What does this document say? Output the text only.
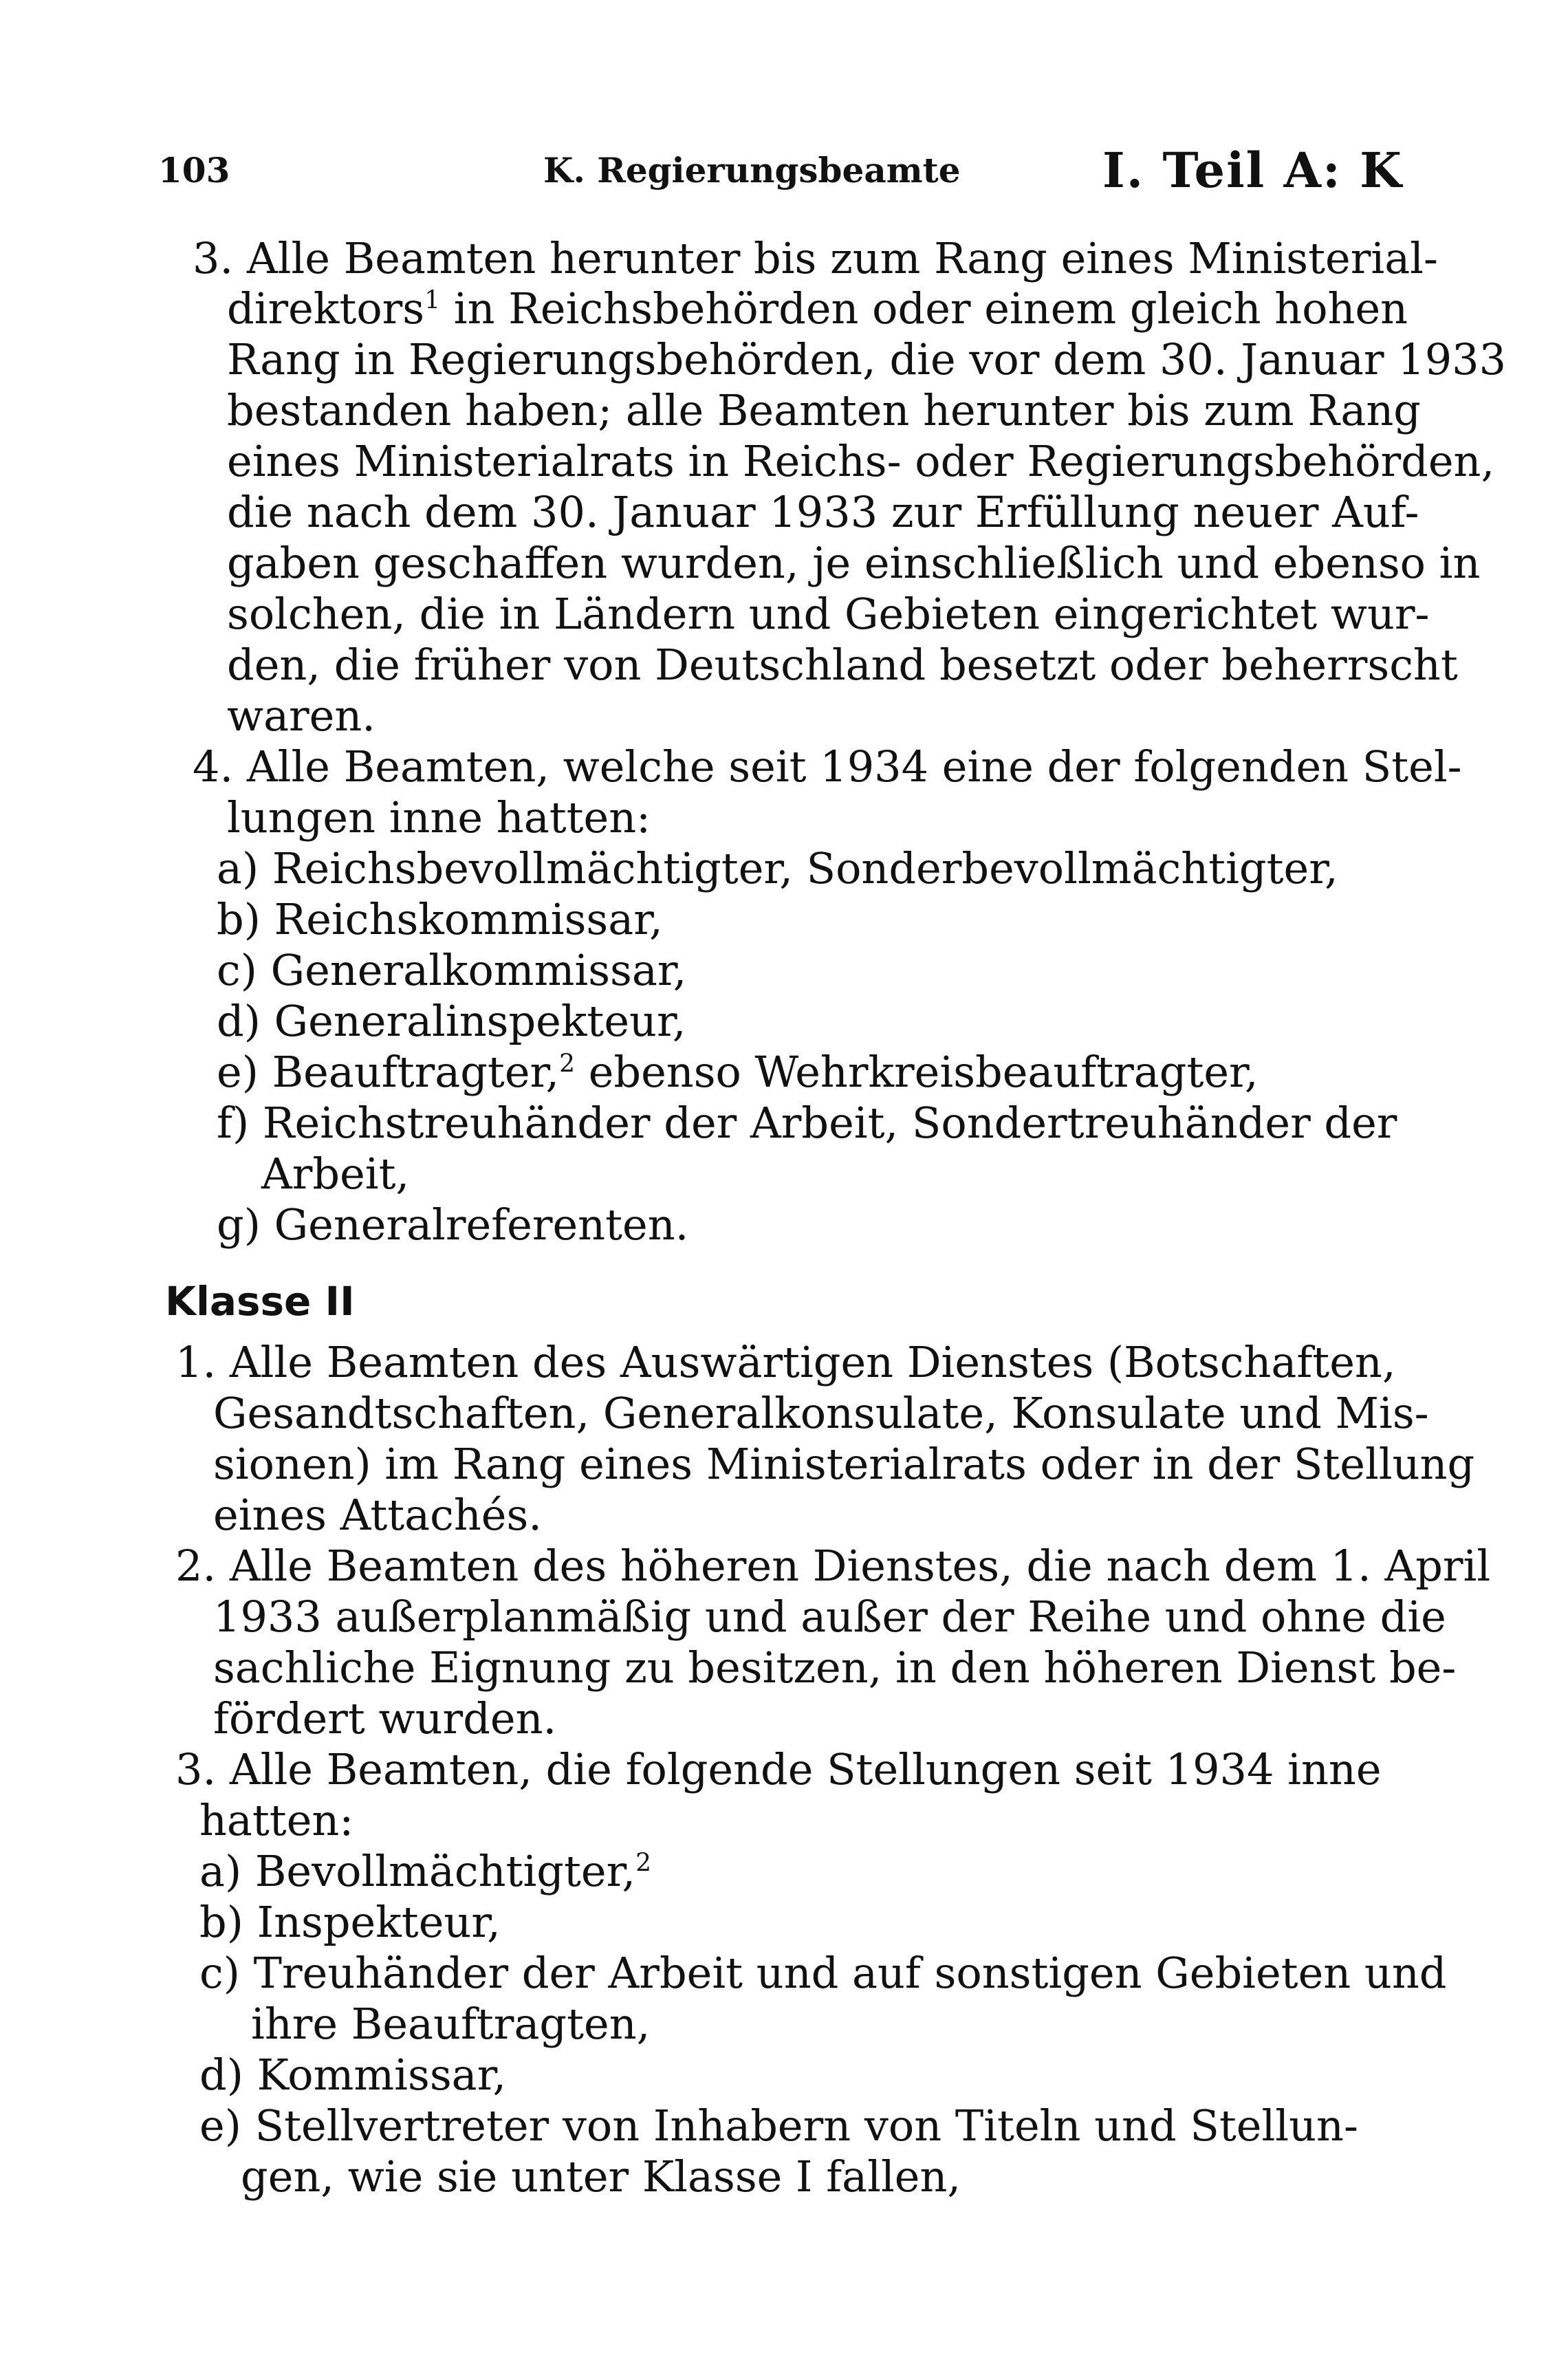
103	K. Regierungsbeamte	I. Teil A: K
3. Alle Beamten herunter bis zum Rang eines Ministerial-
direktors$^1$ in Reichsbehörden oder einem gleich hohen
Rang in Regierungsbehörden, die vor dem 30. Januar 1933
bestanden haben; alle Beamten herunter bis zum Rang
eines Ministerialrats in Reichs- oder Regierungsbehörden,
die nach dem 30. Januar 1933 zur Erfüllung neuer Auf-
gaben geschaffen wurden, je einschließlich und ebenso in
solchen, die in Ländern und Gebieten eingerichtet wur-
den, die früher von Deutschland besetzt oder beherrscht
waren.
4. Alle Beamten, welche seit 1934 eine der folgenden Stel-
lungen inne hatten:
a) Reichsbevollmächtigter, Sonderbevollmächtigter,
b) Reichskommissar,
c) Generalkommissar,
d) Generalinspekteur,
e) Beauftragter,$^2$ ebenso Wehrkreisbeauftragter,
f) Reichstreuhänder der Arbeit, Sondertreuhänder der
Arbeit,
g) Generalreferenten.
Klasse II
1. Alle Beamten des Auswärtigen Dienstes (Botschaften,
Gesandtschaften, Generalkonsulate, Konsulate und Mis-
sionen) im Rang eines Ministerialrats oder in der Stellung
eines Attachés.
2. Alle Beamten des höheren Dienstes, die nach dem 1. April
1933 außerplanmäßig und außer der Reihe und ohne die
sachliche Eignung zu besitzen, in den höheren Dienst be-
fördert wurden.
3. Alle Beamten, die folgende Stellungen seit 1934 inne
hatten:
a) Bevollmächtigter,$^2$
b) Inspekteur,
c) Treuhänder der Arbeit und auf sonstigen Gebieten und
ihre Beauftragten,
d) Kommissar,
e) Stellvertreter von Inhabern von Titeln und Stellun-
gen, wie sie unter Klasse I fallen,
